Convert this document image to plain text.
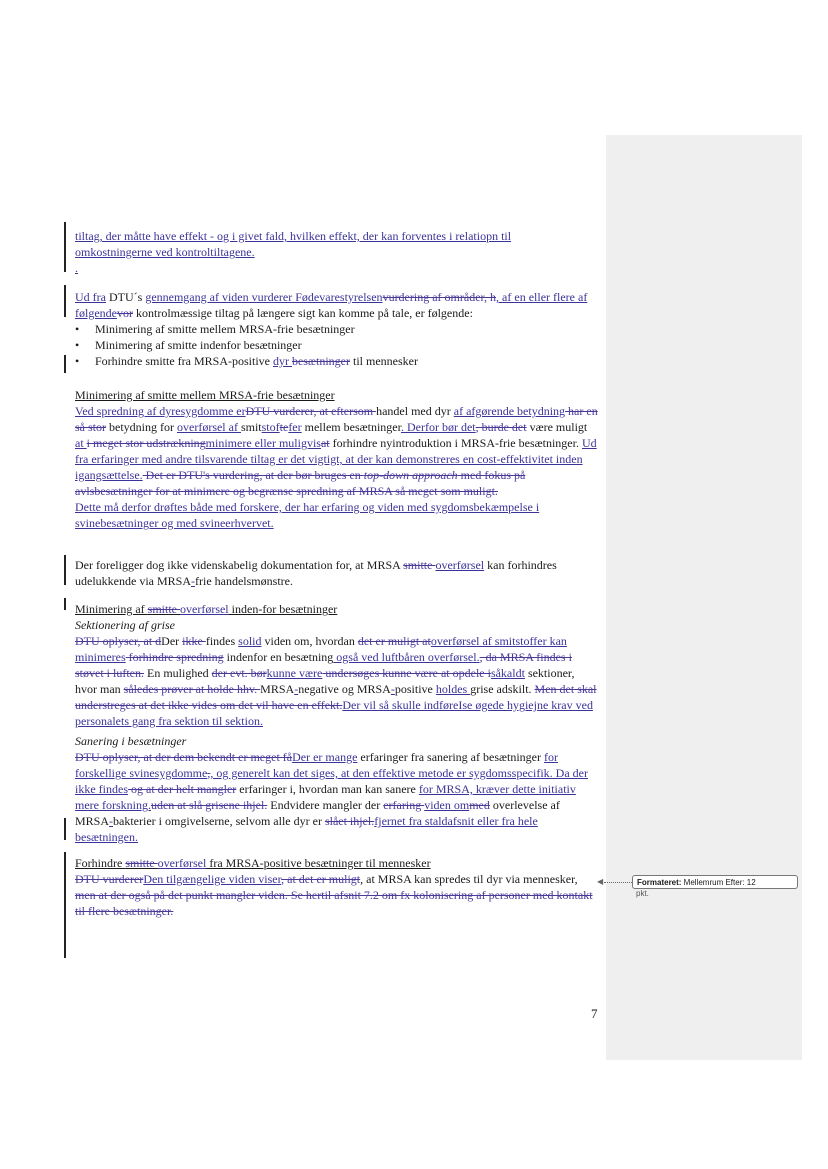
◀	Formateret: Mellemrum Efter: 12
pkt.

tiltag, der måtte have effekt - og i givet fald, hvilken effekt, der kan forventes i relatiopn til

omkostningerne ved kontroltiltagene.

.

Ud fra DTU´s gennemgang af viden vurderer Fødevarestyrelsenvurdering af områder, h, af en eller flere af følgendevor kontrolmæssige tiltag på længere sigt kan komme på tale, er følgende:

• Minimering af smitte mellem MRSA-frie besætninger
• Minimering af smitte indenfor besætninger
• Forhindre smitte fra MRSA-positive dyr besætninger til mennesker

Minimering af smitte mellem MRSA-frie besætninger

Ved spredning af dyresygdomme erDTU vurderer, at eftersom handel med dyr af afgørende betydning har en så stor betydning for overførsel af smitstoftefer mellem besætninger. Derfor bør det, burde det være muligt at i meget stor udstrækningminimere eller muligvisat forhindre nyintroduktion i MRSA-frie besætninger. Ud fra erfaringer med andre tilsvarende tiltag er det vigtigt, at der kan demonstreres en cost-effektivitet inden igangsættelse. Det er DTU's vurdering, at der bør bruges en top-down approach med fokus på avlsbesætninger for at minimere og begrænse spredning af MRSA så meget som muligt.

Dette må derfor drøftes både med forskere, der har erfaring og viden med sygdomsbekæmpelse i svinebesætninger og med svineerhvervet.

Der foreligger dog ikke videnskabelig dokumentation for, at MRSA smitte overførsel kan forhindres udelukkende via MRSA-frie handelsmønstre.

Minimering af smitte overførsel inden-for besætninger

Sektionering af grise

DTU oplyser, at dDer ikke findes solid viden om, hvordan det er muligt atoverførsel af smitstoffer kan minimeres forhindre spredning indenfor en besætning også ved luftbåren overførsel., da MRSA findes i støvet i luften. En mulighed der evt. børkunne være undersøges kunne være at opdele isåkaldt sektioner, hvor man således prøver at holde hhv. MRSA-negative og MRSA-positive holdes grise adskilt. Men det skal understreges at det ikke vides om det vil have en effekt.Der vil så skulle indføreIse øgede hygiejne krav ved personalets gang fra sektion til sektion.

Sanering i besætninger

DTU oplyser, at der dem bekendt er meget fåDer er mange erfaringer fra sanering af besætninger for forskellige svinesygdomme,, og generelt kan det siges, at den effektive metode er sygdomsspecifik. Da der ikke findes og at der helt mangler erfaringer i, hvordan man kan sanere for MRSA, kræver dette initiativ mere forskning.uden at slå grisene ihjel. Endvidere mangler der erfaring viden ommed overlevelse af MRSA-bakterier i omgivelserne, selvom alle dyr er slået ihjel.fjernet fra staldafsnit eller fra hele besætningen.

Forhindre smitte overførsel fra MRSA-positive besætninger til mennesker

DTU vurdererDen tilgængelige viden viser, at det er muligt, at MRSA kan spredes til dyr via mennesker, men at der også på det punkt mangler viden. Se hertil afsnit 7.2 om fx kolonisering af personer med kontakt til flere besætninger.

7
